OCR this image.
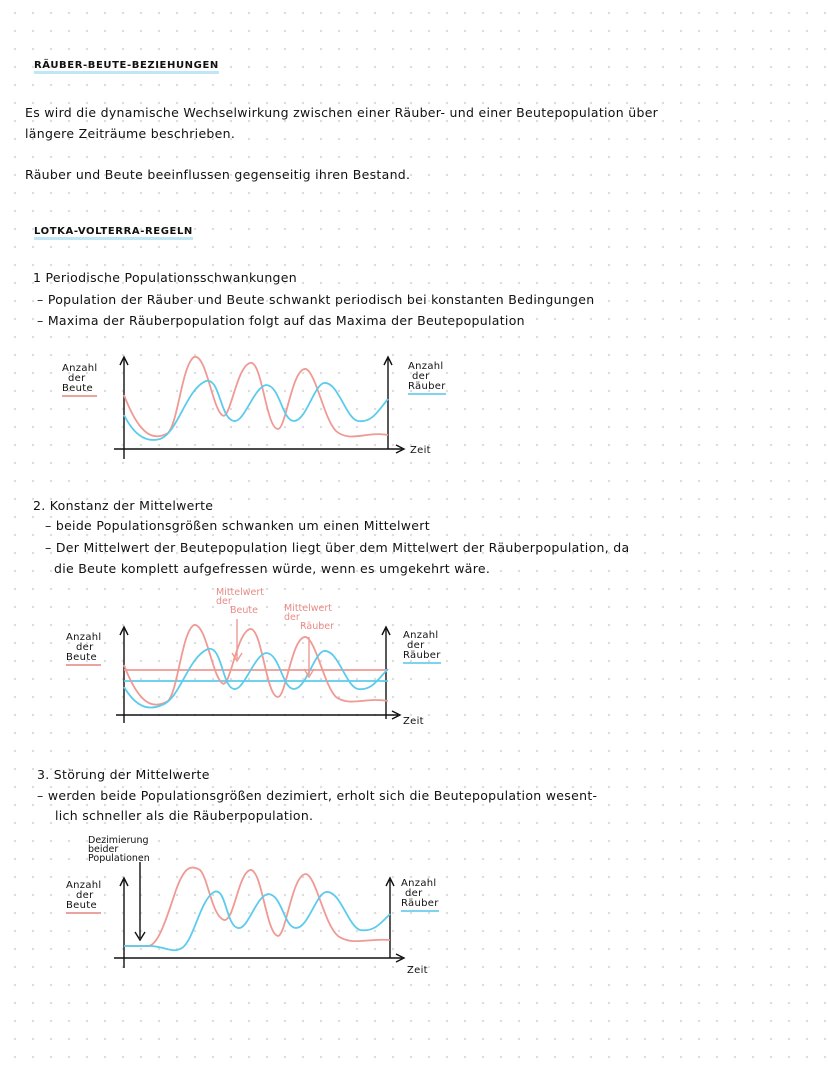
RÄUBER-BEUTE-BEZIEHUNGEN
Es wird die dynamische Wechselwirkung zwischen einer Räuber- und einer Beutepopulation über
längere Zeiträume beschrieben.
Räuber und Beute beeinflussen gegenseitig ihren Bestand.
LOTKA-VOLTERRA-REGELN
1 Periodische Populationsschwankungen
– Population der Räuber und Beute schwankt periodisch bei konstanten Bedingungen
– Maxima der Räuberpopulation folgt auf das Maxima der Beutepopulation
Anzahl
der
Beute
Anzahl
der
Räuber
Zeit
2. Konstanz der Mittelwerte
– beide Populationsgrößen schwanken um einen Mittelwert
– Der Mittelwert der Beutepopulation liegt über dem Mittelwert der Räuberpopulation, da
die Beute komplett aufgefressen würde, wenn es umgekehrt wäre.
Mittelwert
der
Beute	Mittelwert
der
Räuber
Anzahl
der
Beute
Anzahl
der
Räuber
Zeit
3. Störung der Mittelwerte
– werden beide Populationsgrößen dezimiert, erholt sich die Beutepopulation wesent-
lich schneller als die Räuberpopulation.
Dezimierung
beider
Populationen
Anzahl
der
Beute
Anzahl
der
Räuber
Zeit
